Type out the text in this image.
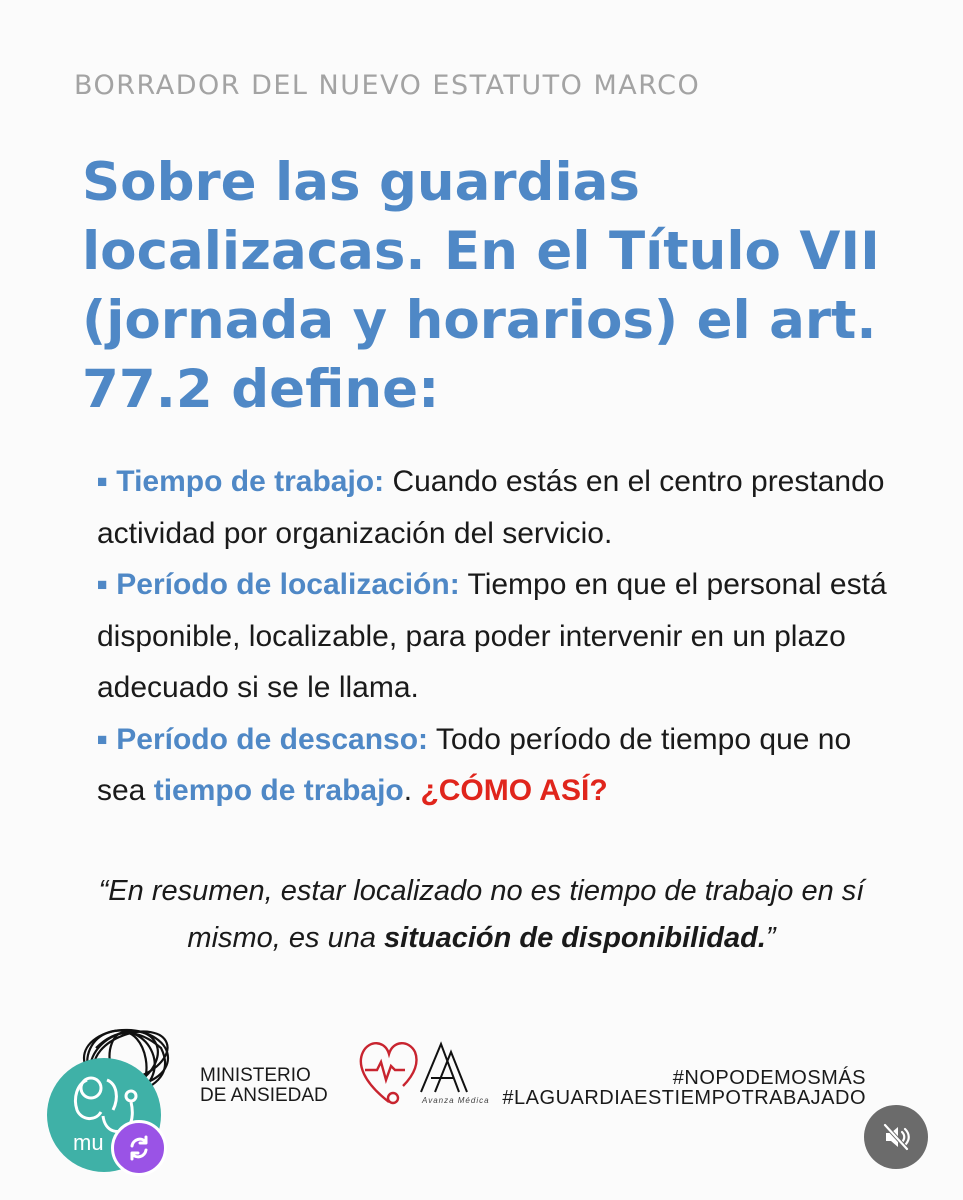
BORRADOR DEL NUEVO ESTATUTO MARCO
Sobre las guardias localizacas. En el Título VII (jornada y horarios) el art. 77.2 define:

■ Tiempo de trabajo: Cuando estás en el centro prestando actividad por organización del servicio.

■ Período de localización: Tiempo en que el personal está disponible, localizable, para poder intervenir en un plazo adecuado si se le llama.

■ Período de descanso: Todo período de tiempo que no sea tiempo de trabajo. ¿CÓMO ASÍ?

“En resumen, estar localizado no es tiempo de trabajo en sí mismo, es una situación de disponibilidad.”
MINISTERIO
DE ANSIEDAD	Avanza Médica
#NOPODEMOSMÁS
#LAGUARDIAESTIEMPOTRABAJADO
mu
